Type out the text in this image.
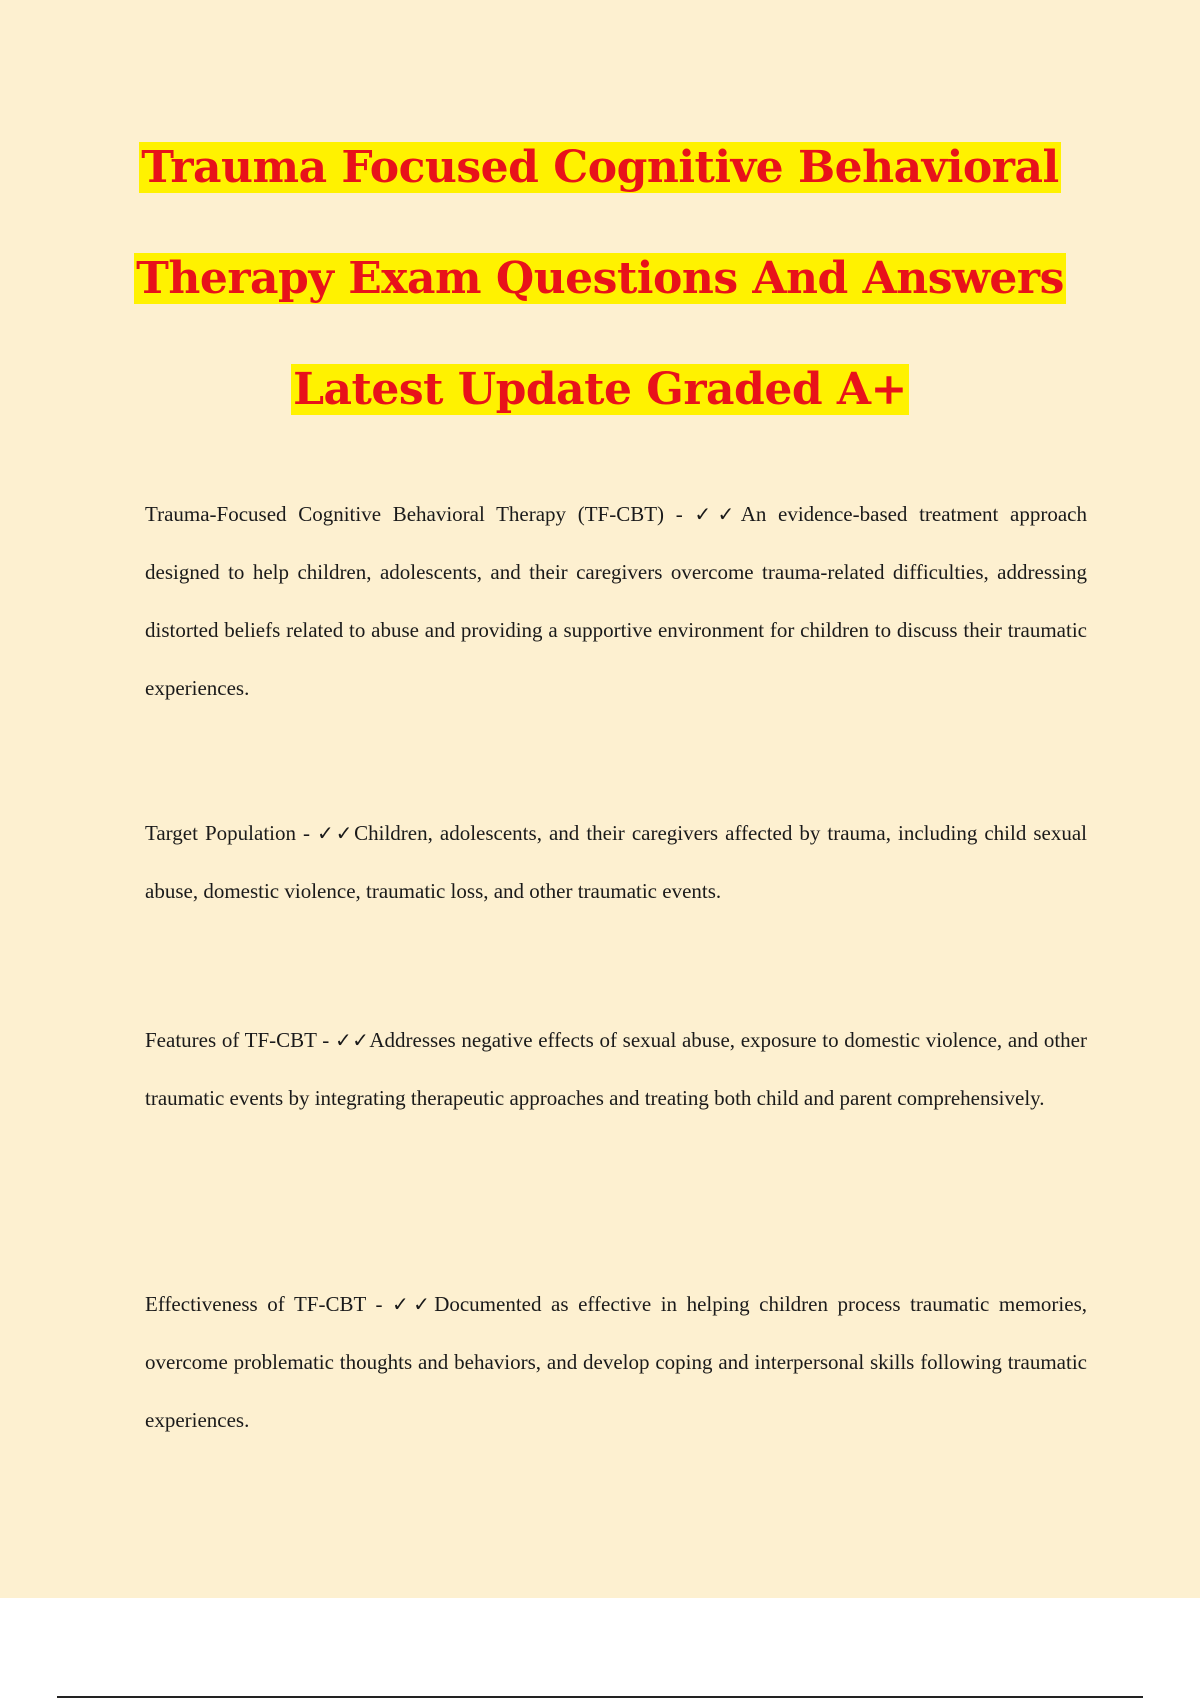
Trauma Focused Cognitive Behavioral
Therapy Exam Questions And Answers
Latest Update Graded A+

Trauma-Focused Cognitive Behavioral Therapy (TF-CBT) - ✓✓An evidence-based treatment approach designed to help children, adolescents, and their caregivers overcome trauma-related difficulties, addressing distorted beliefs related to abuse and providing a supportive environment for children to discuss their traumatic experiences.

Target Population - ✓✓Children, adolescents, and their caregivers affected by trauma, including child sexual abuse, domestic violence, traumatic loss, and other traumatic events.

Features of TF-CBT - ✓✓Addresses negative effects of sexual abuse, exposure to domestic violence, and other traumatic events by integrating therapeutic approaches and treating both child and parent comprehensively.

Effectiveness of TF-CBT - ✓✓Documented as effective in helping children process traumatic memories, overcome problematic thoughts and behaviors, and develop coping and interpersonal skills following traumatic experiences.
